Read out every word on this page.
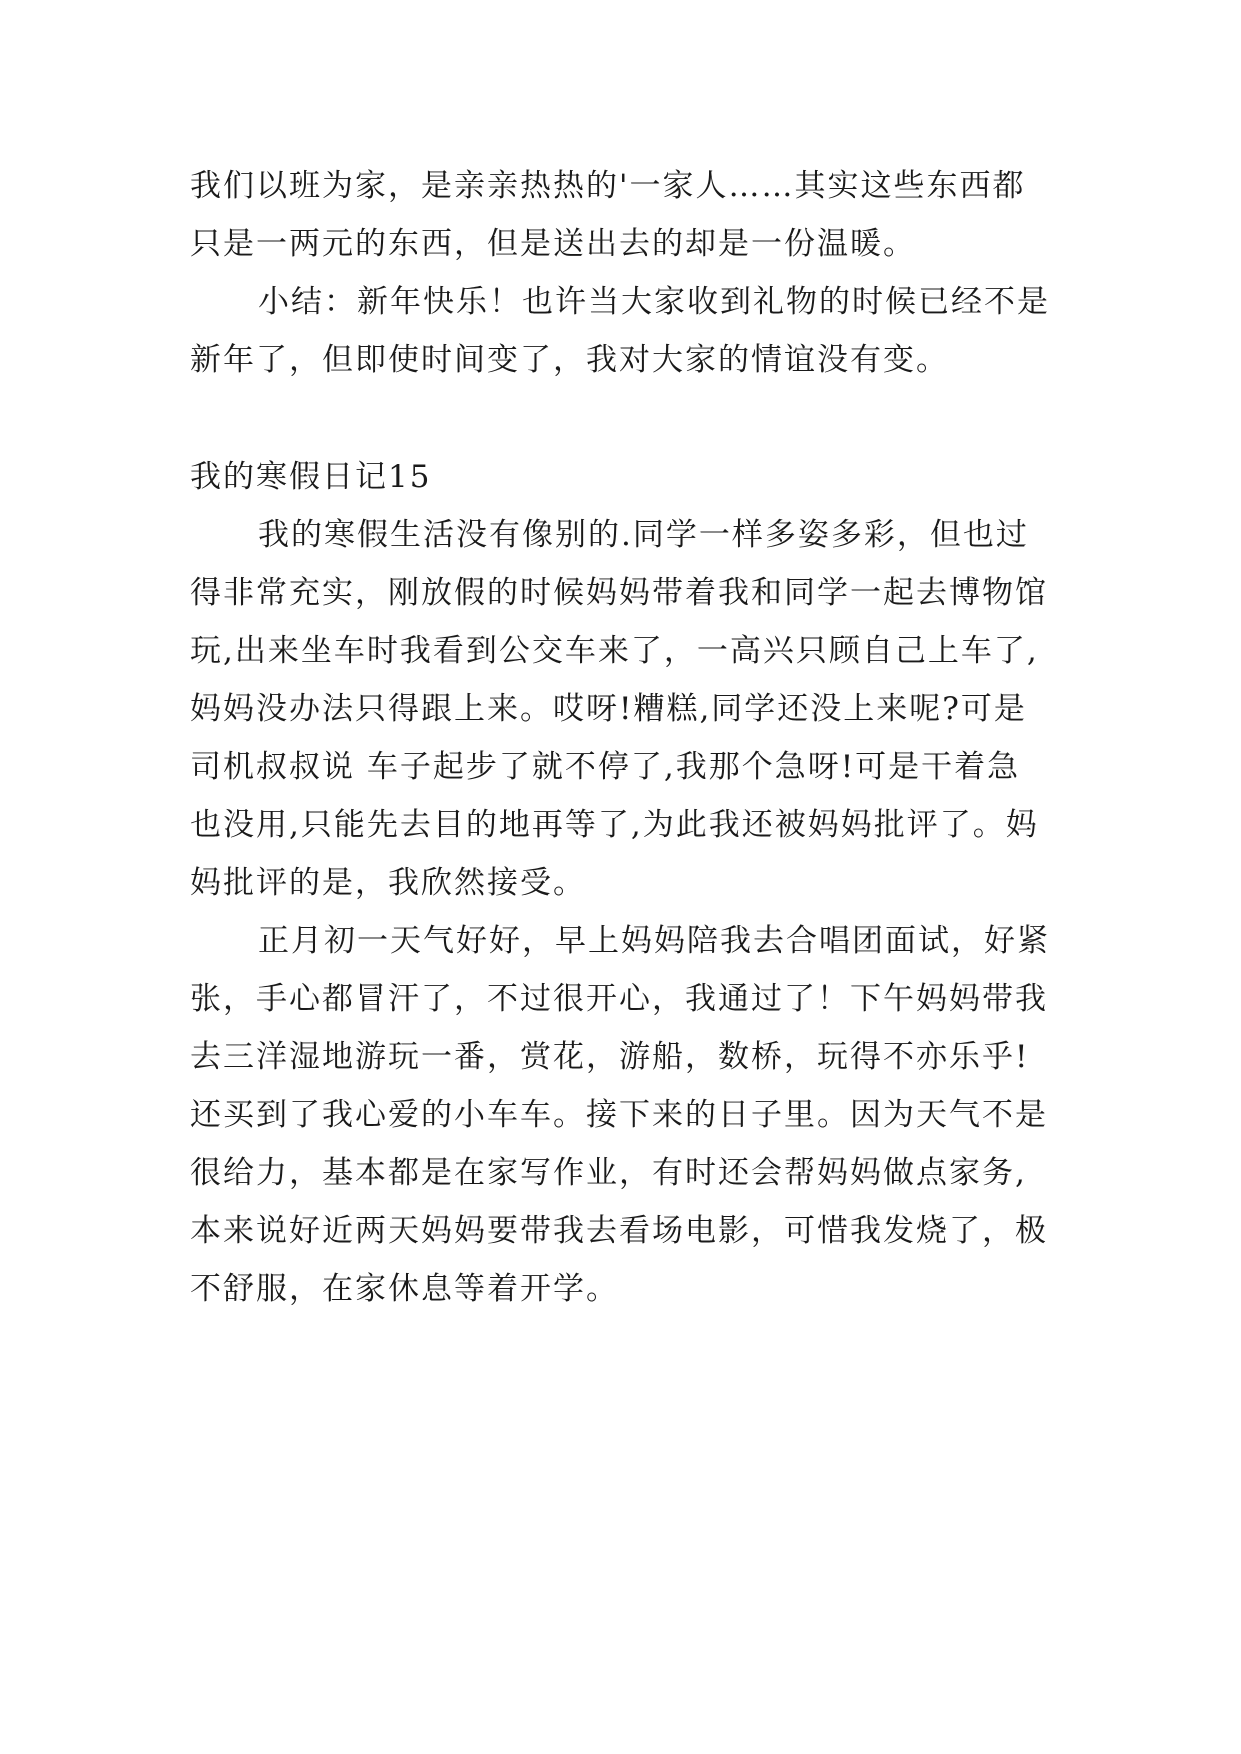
我们以班为家，是亲亲热热的'一家人……其实这些东西都
只是一两元的东西，但是送出去的却是一份温暖。
小结：新年快乐！也许当大家收到礼物的时候已经不是
新年了，但即使时间变了，我对大家的情谊没有变。
我的寒假日记15
我的寒假生活没有像别的.同学一样多姿多彩，但也过
得非常充实，刚放假的时候妈妈带着我和同学一起去博物馆
玩,出来坐车时我看到公交车来了，一高兴只顾自己上车了,
妈妈没办法只得跟上来。哎呀!糟糕,同学还没上来呢?可是
司机叔叔说 车子起步了就不停了,我那个急呀!可是干着急
也没用,只能先去目的地再等了,为此我还被妈妈批评了。妈
妈批评的是，我欣然接受。
正月初一天气好好，早上妈妈陪我去合唱团面试，好紧
张，手心都冒汗了，不过很开心，我通过了！下午妈妈带我
去三洋湿地游玩一番，赏花，游船，数桥，玩得不亦乐乎!
还买到了我心爱的小车车。接下来的日子里。因为天气不是
很给力，基本都是在家写作业，有时还会帮妈妈做点家务,
本来说好近两天妈妈要带我去看场电影，可惜我发烧了，极
不舒服，在家休息等着开学。
